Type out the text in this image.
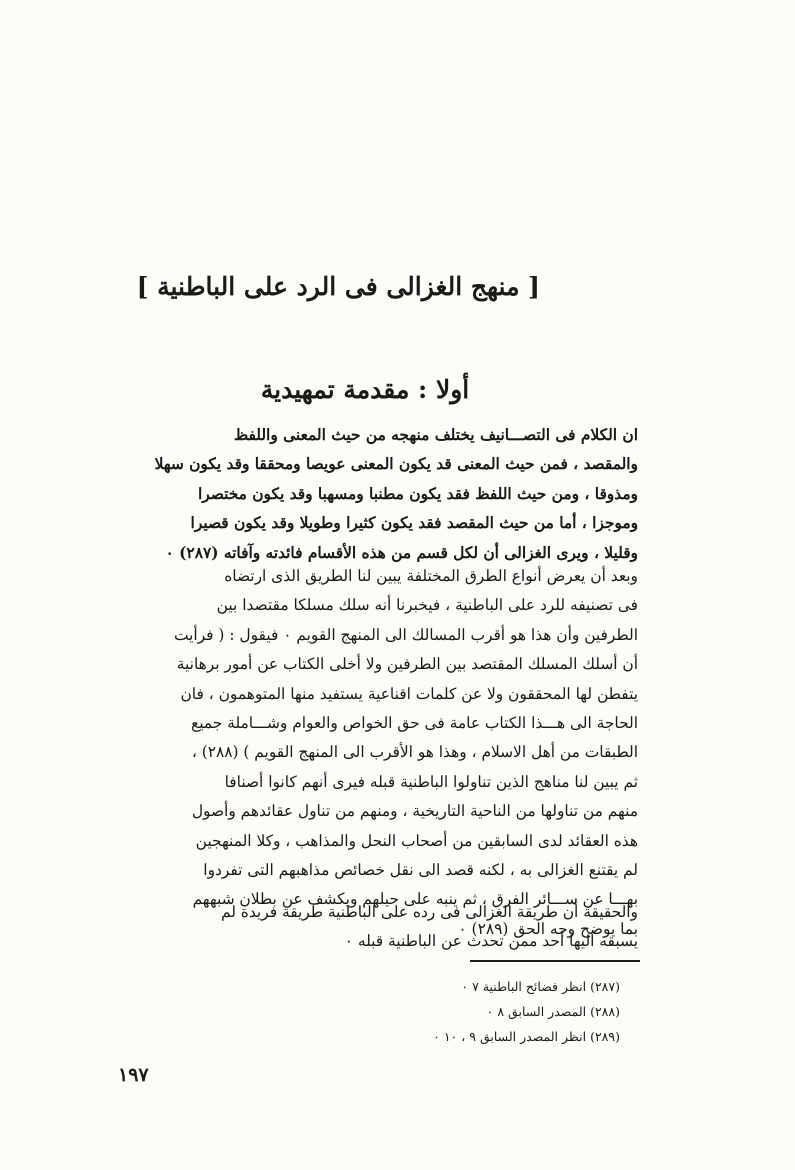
[ منهج الغزالى فى الرد على الباطنية ]
أولا : مقدمة تمهيدية
ان الكلام فى التصـــانيف يختلف منهجه من حيث المعنى واللفظ
والمقصد ، فمن حيث المعنى قد يكون المعنى عويصا ومحققا وقد يكون سهلا
ومذوقا ، ومن حيث اللفظ فقد يكون مطنبا ومسهبا وقد يكون مختصرا
وموجزا ، أما من حيث المقصد فقد يكون كثيرا وطويلا وقد يكون قصيرا
وقليلا ، ويرى الغزالى أن لكل قسم من هذه الأقسام فائدته وآفاته (٢٨٧) ٠
وبعد أن يعرض أنواع الطرق المختلفة يبين لنا الطريق الذى ارتضاه
فى تصنيفه للرد على الباطنية ، فيخبرنا أنه سلك مسلكا مقتصدا بين
الطرفين وأن هذا هو أقرب المسالك الى المنهج القويم ٠ فيقول : ( فرأيت
أن أسلك المسلك المقتصد بين الطرفين ولا أخلى الكتاب عن أمور برهانية
يتفطن لها المحققون ولا عن كلمات اقناعية يستفيد منها المتوهمون ، فان
الحاجة الى هـــذا الكتاب عامة فى حق الخواص والعوام وشـــاملة جميع
الطبقات من أهل الاسلام ، وهذا هو الأقرب الى المنهج القويم ) (٢٨٨) ،
ثم يبين لنا مناهج الذين تناولوا الباطنية قبله فيرى أنهم كانوا أصنافا
منهم من تناولها من الناحية التاريخية ، ومنهم من تناول عقائدهم وأصول
هذه العقائد لدى السابقين من أصحاب النحل والمذاهب ، وكلا المنهجين
لم يقتنع الغزالى به ، لكنه قصد الى نقل خصائص مذاهبهم التى تفردوا
بهـــا عن ســـائر الفرق ، ثم ينبه على حيلهم ويكشف عن بطلان شبههم
بما يوضح وجه الحق (٢٨٩) ٠
والحقيقة أن طريقة الغزالى فى رده على الباطنية طريقة فريدة لم
يسبقه اليها أحد ممن تحدث عن الباطنية قبله ٠
(٢٨٧) انظر فضائح الباطنية ٧ ٠
(٢٨٨) المصدر السابق ٨ ٠
(٢٨٩) انظر المصدر السابق ٩ ، ١٠ ٠
١٩٧
